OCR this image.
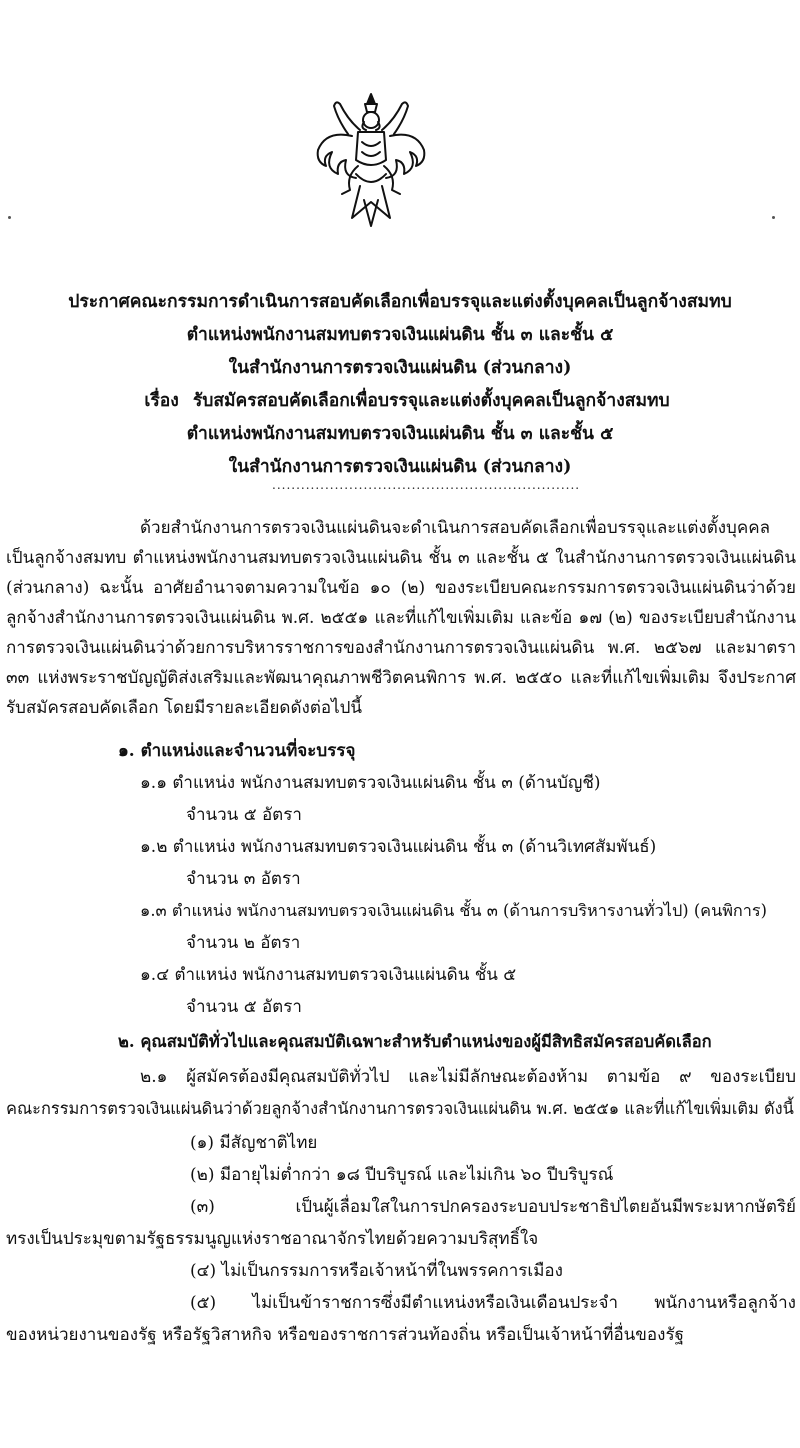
ประกาศคณะกรรมการดำเนินการสอบคัดเลือกเพื่อบรรจุและแต่งตั้งบุคคลเป็นลูกจ้างสมทบ
ตำแหน่งพนักงานสมทบตรวจเงินแผ่นดิน ชั้น ๓ และชั้น ๕
ในสำนักงานการตรวจเงินแผ่นดิน (ส่วนกลาง)
เรื่อง รับสมัครสอบคัดเลือกเพื่อบรรจุและแต่งตั้งบุคคลเป็นลูกจ้างสมทบ
ตำแหน่งพนักงานสมทบตรวจเงินแผ่นดิน ชั้น ๓ และชั้น ๕
ในสำนักงานการตรวจเงินแผ่นดิน (ส่วนกลาง)
................................................................
ด้วยสำนักงานการตรวจเงินแผ่นดินจะดำเนินการสอบคัดเลือกเพื่อบรรจุและแต่งตั้งบุคคล
เป็นลูกจ้างสมทบ ตำแหน่งพนักงานสมทบตรวจเงินแผ่นดิน ชั้น ๓ และชั้น ๕ ในสำนักงานการตรวจเงินแผ่นดิน
(ส่วนกลาง) ฉะนั้น อาศัยอำนาจตามความในข้อ ๑๐ (๒) ของระเบียบคณะกรรมการตรวจเงินแผ่นดินว่าด้วย
ลูกจ้างสำนักงานการตรวจเงินแผ่นดิน พ.ศ. ๒๕๕๑ และที่แก้ไขเพิ่มเติม และข้อ ๑๗ (๒) ของระเบียบสำนักงาน
การตรวจเงินแผ่นดินว่าด้วยการบริหารราชการของสำนักงานการตรวจเงินแผ่นดิน พ.ศ. ๒๕๖๗ และมาตรา
๓๓ แห่งพระราชบัญญัติส่งเสริมและพัฒนาคุณภาพชีวิตคนพิการ พ.ศ. ๒๕๕๐ และที่แก้ไขเพิ่มเติม จึงประกาศ
รับสมัครสอบคัดเลือก โดยมีรายละเอียดดังต่อไปนี้
๑. ตำแหน่งและจำนวนที่จะบรรจุ
๑.๑ ตำแหน่ง พนักงานสมทบตรวจเงินแผ่นดิน ชั้น ๓ (ด้านบัญชี)
จำนวน ๕ อัตรา
๑.๒ ตำแหน่ง พนักงานสมทบตรวจเงินแผ่นดิน ชั้น ๓ (ด้านวิเทศสัมพันธ์)
จำนวน ๓ อัตรา
๑.๓ ตำแหน่ง พนักงานสมทบตรวจเงินแผ่นดิน ชั้น ๓ (ด้านการบริหารงานทั่วไป) (คนพิการ)
จำนวน ๒ อัตรา
๑.๔ ตำแหน่ง พนักงานสมทบตรวจเงินแผ่นดิน ชั้น ๕
จำนวน ๕ อัตรา
๒. คุณสมบัติทั่วไปและคุณสมบัติเฉพาะสำหรับตำแหน่งของผู้มีสิทธิสมัครสอบคัดเลือก
๒.๑ ผู้สมัครต้องมีคุณสมบัติทั่วไป และไม่มีลักษณะต้องห้าม ตามข้อ ๙ ของระเบียบ
คณะกรรมการตรวจเงินแผ่นดินว่าด้วยลูกจ้างสำนักงานการตรวจเงินแผ่นดิน พ.ศ. ๒๕๕๑ และที่แก้ไขเพิ่มเติม ดังนี้
(๑) มีสัญชาติไทย
(๒) มีอายุไม่ต่ำกว่า ๑๘ ปีบริบูรณ์ และไม่เกิน ๖๐ ปีบริบูรณ์
(๓) เป็นผู้เลื่อมใสในการปกครองระบอบประชาธิปไตยอันมีพระมหากษัตริย์
ทรงเป็นประมุขตามรัฐธรรมนูญแห่งราชอาณาจักรไทยด้วยความบริสุทธิ์ใจ
(๔) ไม่เป็นกรรมการหรือเจ้าหน้าที่ในพรรคการเมือง
(๕) ไม่เป็นข้าราชการซึ่งมีตำแหน่งหรือเงินเดือนประจำ พนักงานหรือลูกจ้าง
ของหน่วยงานของรัฐ หรือรัฐวิสาหกิจ หรือของราชการส่วนท้องถิ่น หรือเป็นเจ้าหน้าที่อื่นของรัฐ
